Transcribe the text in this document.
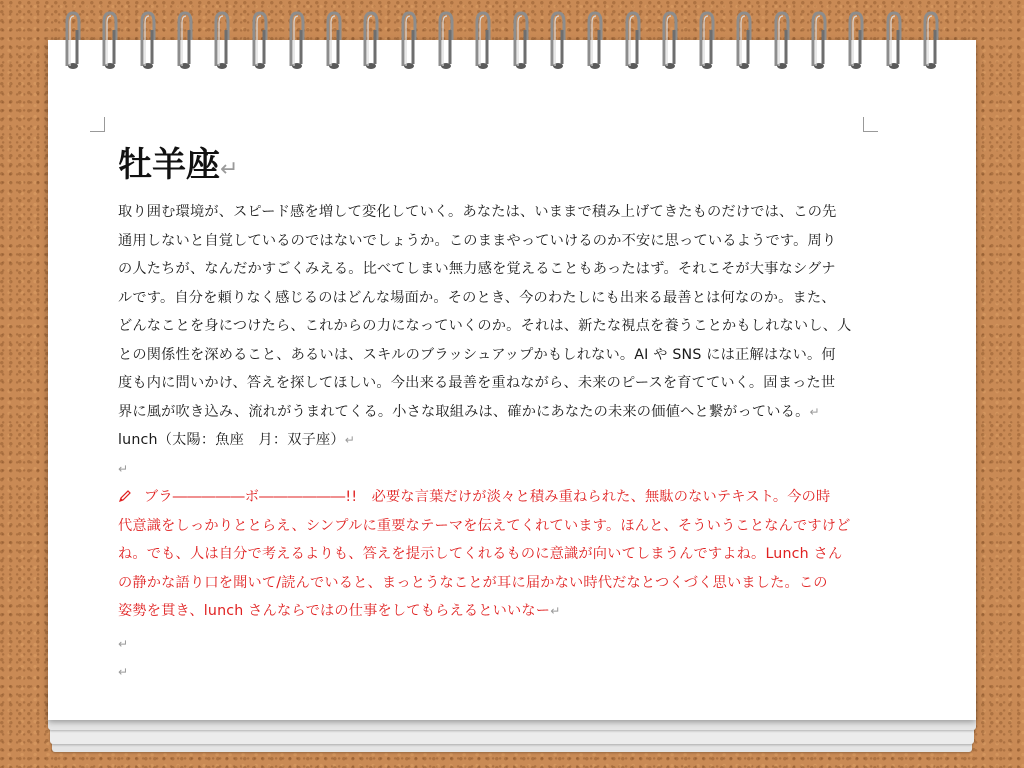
牡羊座↵

取り囲む環境が、スピード感を増して変化していく。あなたは、いままで積み上げてきたものだけでは、この先
通用しないと自覚しているのではないでしょうか。このままやっていけるのか不安に思っているようです。周り
の人たちが、なんだかすごくみえる。比べてしまい無力感を覚えることもあったはず。それこそが大事なシグナ
ルです。自分を頼りなく感じるのはどんな場面か。そのとき、今のわたしにも出来る最善とは何なのか。また、
どんなことを身につけたら、これからの力になっていくのか。それは、新たな視点を養うことかもしれないし、人
との関係性を深めること、あるいは、スキルのブラッシュアップかもしれない。AI や SNS には正解はない。何
度も内に問いかけ、答えを探してほしい。今出来る最善を重ねながら、未来のピースを育てていく。固まった世
界に風が吹き込み、流れがうまれてくる。小さな取組みは、確かにあなたの未来の価値へと繋がっている。↵
lunch（太陽：魚座　月：双子座）↵
↵

ブラ―――――ボ――――――!!　必要な言葉だけが淡々と積み重ねられた、無駄のないテキスト。今の時
代意識をしっかりととらえ、シンプルに重要なテーマを伝えてくれています。ほんと、そういうことなんですけど
ね。でも、人は自分で考えるよりも、答えを提示してくれるものに意識が向いてしまうんですよね。Lunch さん
の静かな語り口を聞いて/読んでいると、まっとうなことが耳に届かない時代だなとつくづく思いました。この
姿勢を貫き、lunch さんならではの仕事をしてもらえるといいなー↵

↵
↵
